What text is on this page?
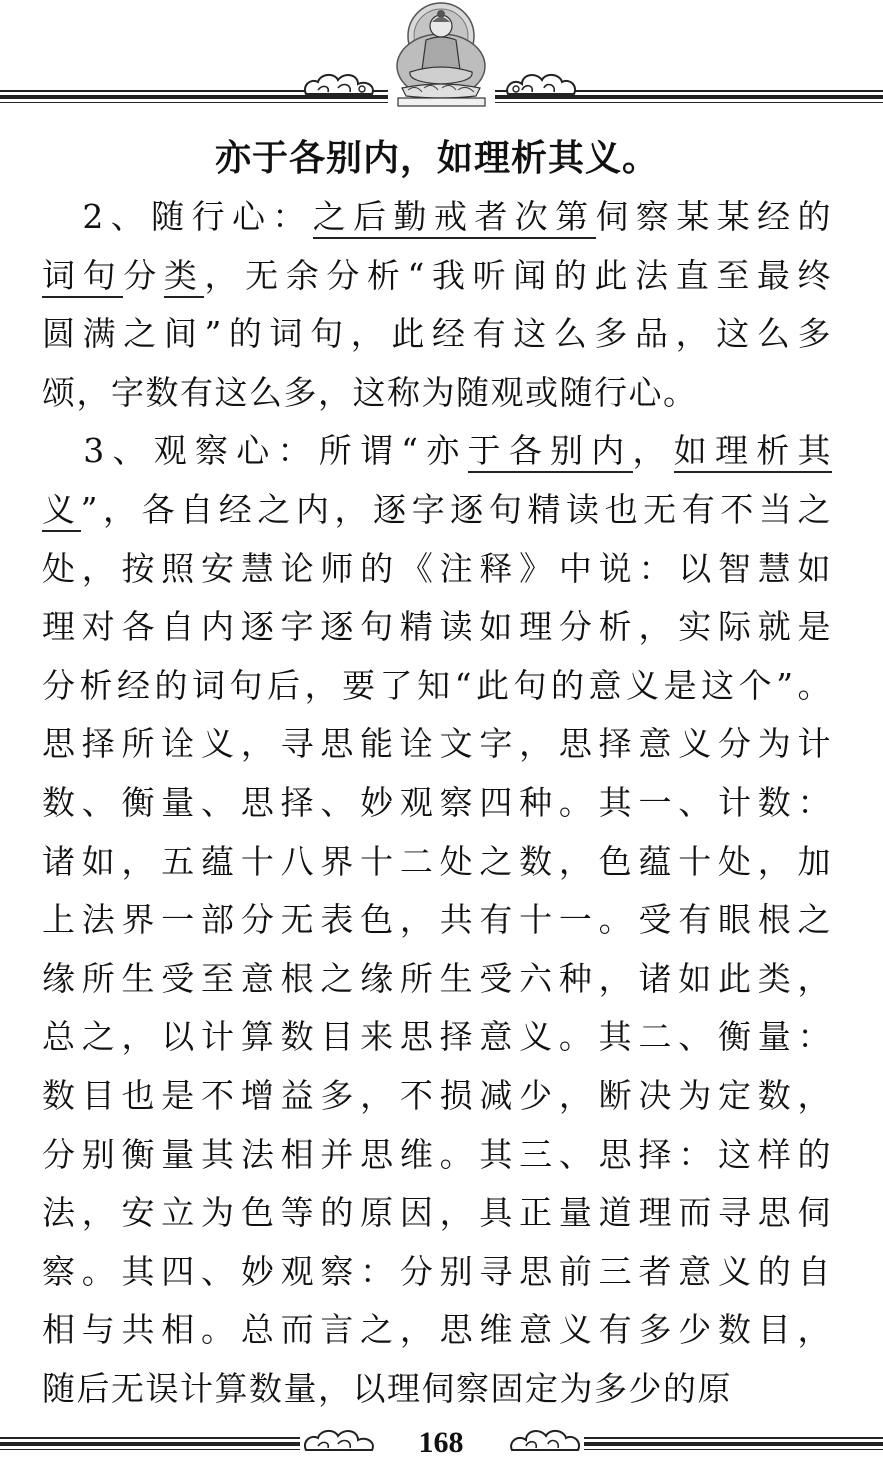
亦于各别内，如理析其义。

　2、随行心：之后勤戒者次第伺察某某经的
词句分类，无余分析“我听闻的此法直至最终
圆满之间”的词句，此经有这么多品，这么多
颂，字数有这么多，这称为随观或随行心。

　3、观察心：所谓“亦于各别内，如理析其
义”，各自经之内，逐字逐句精读也无有不当之
处，按照安慧论师的《注释》中说：以智慧如
理对各自内逐字逐句精读如理分析，实际就是
分析经的词句后，要了知“此句的意义是这个”。
思择所诠义，寻思能诠文字，思择意义分为计
数、衡量、思择、妙观察四种。其一、计数：
诸如，五蕴十八界十二处之数，色蕴十处，加
上法界一部分无表色，共有十一。受有眼根之
缘所生受至意根之缘所生受六种，诸如此类，
总之，以计算数目来思择意义。其二、衡量：
数目也是不增益多，不损减少，断决为定数，
分别衡量其法相并思维。其三、思择：这样的
法，安立为色等的原因，具正量道理而寻思伺
察。其四、妙观察：分别寻思前三者意义的自
相与共相。总而言之，思维意义有多少数目，
随后无误计算数量，以理伺察固定为多少的原

168
